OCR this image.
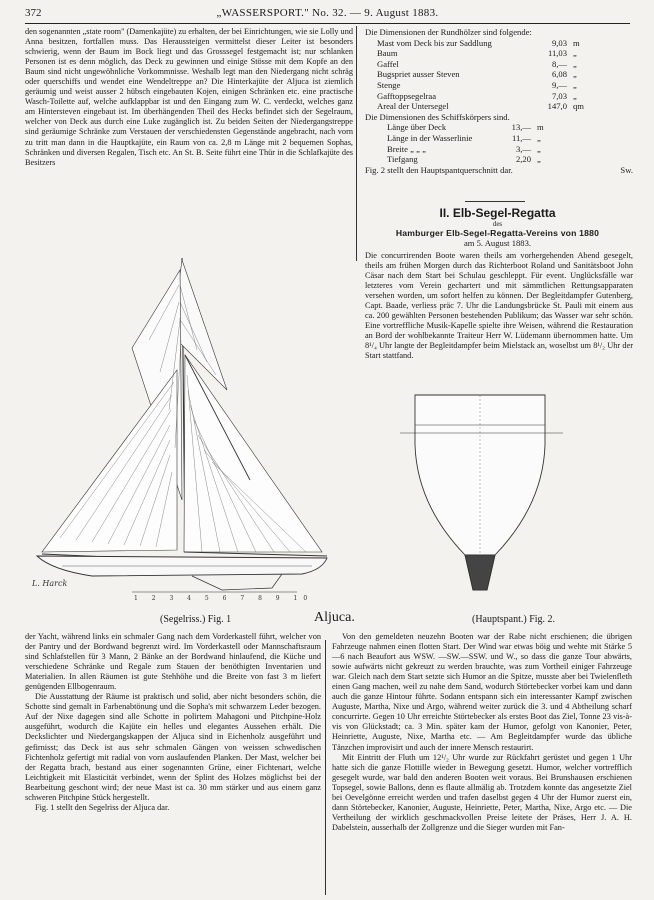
372	„WASSERSPORT." No. 32. — 9. August 1883.

den sogenannten „state room" (Damenkajüte) zu erhalten, der bei Einrichtungen, wie sie Lolly und Anna besitzen, fortfallen muss. Das Heraussteigen vermittelst dieser Leiter ist besonders schwierig, wenn der Baum im Bock liegt und das Grosssegel festgemacht ist; nur schlanken Personen ist es denn möglich, das Deck zu gewinnen und einige Stösse mit dem Kopfe an den Baum sind nicht ungewöhnliche Vorkommnisse. Weshalb legt man den Niedergang nicht schräg oder querschiffs und wendet eine Wendeltreppe an? Die Hinterkajüte der Aljuca ist ziemlich geräumig und weist ausser 2 hübsch eingebauten Kojen, einigen Schränken etc. eine practische Wasch-Toilette auf, welche aufklappbar ist und den Eingang zum W. C. verdeckt, welches ganz am Hintersteven eingebaut ist. Im überhängenden Theil des Hecks befindet sich der Segelraum, welcher von Deck aus durch eine Luke zugänglich ist. Zu beiden Seiten der Niedergangstreppe sind geräumige Schränke zum Verstauen der verschiedensten Gegenstände angebracht, nach vorn zu tritt man dann in die Hauptkajüte, ein Raum von ca. 2,8 m Länge mit 2 bequemen Sophas, Schränken und diversen Regalen, Tisch etc. An St. B. Seite führt eine Thür in die Schlafkajüte des Besitzers

Die Dimensionen der Rundhölzer sind folgende:
Mast vom Deck bis zur Saddlung	9,03 m
Baum	11,03 „
Gaffel	8,— „
Bugspriet ausser Steven	6,08 „
Stenge	9,— „
Gafftoppsegelraa	7,03 „
Areal der Untersegel	147,0 qm
Die Dimensionen des Schiffskörpers sind.
Länge über Deck	13,— m
Länge in der Wasserlinie	11,— „
Breite „ „ „	3,— „
Tiefgang	2,20 „
Fig. 2 stellt den Hauptspantquerschnitt dar.	Sw.
II. Elb-Segel-Regatta
des
Hamburger Elb-Segel-Regatta-Vereins von 1880
am 5. August 1883.

Die concurrirenden Boote waren theils am vorhergehenden Abend gesegelt, theils am frühen Morgen durch das Richterboot Roland und Sanitätsboot John Cäsar nach dem Start bei Schulau geschleppt. Für event. Unglücksfälle war letzteres vom Verein gechartert und mit sämmtlichen Rettungsapparaten versehen worden, um sofort helfen zu können. Der Begleitdampfer Gutenberg, Capt. Baade, verliess präc 7. Uhr die Landungsbrücke St. Pauli mit einem aus ca. 200 gewählten Personen bestehenden Publikum; das Wasser war sehr schön. Eine vortreffliche Musik-Kapelle spielte ihre Weisen, während die Restauration an Bord der wohlbekannte Traiteur Herr W. Lüdemann übernommen hatte. Um 8¹/₄ Uhr langte der Begleitdampfer beim Mielstack an, woselbst um 8¹/₂ Uhr der Start stattfand.

L. Harck
1 2 3 4 5 6 7 8 9 10
(Segelriss.) Fig. 1	Aljuca.	(Hauptspant.) Fig. 2.

der Yacht, während links ein schmaler Gang nach dem Vorderkastell führt, welcher von der Pantry und der Bordwand begrenzt wird. Im Vorderkastell oder Mannschaftsraum sind Schlafstellen für 3 Mann, 2 Bänke an der Bordwand hinlaufend, die Küche und verschiedene Schränke und Regale zum Stauen der benöthigten Inventarien und Materialien. In allen Räumen ist gute Stehhöhe und die Breite von fast 3 m liefert genügenden Ellbogenraum.

Die Ausstattung der Räume ist praktisch und solid, aber nicht besonders schön, die Schotte sind gemalt in Farbenabtönung und die Sopha's mit schwarzem Leder bezogen. Auf der Nixe dagegen sind alle Schotte in polirtem Mahagoni und Pitchpine-Holz ausgeführt, wodurch die Kajüte ein helles und elegantes Aussehen erhält. Die Deckslichter und Niedergangskappen der Aljuca sind in Eichenholz ausgeführt und gefirnisst; das Deck ist aus sehr schmalen Gängen von weissen schwedischen Fichtenholz gefertigt mit radial von vorn auslaufenden Planken. Der Mast, welcher bei der Regatta brach, bestand aus einer sogenannten Grüne, einer Fichtenart, welche Leichtigkeit mit Elasticität verbindet, wenn der Splint des Holzes möglichst bei der Bearbeitung geschont wird; der neue Mast ist ca. 30 mm stärker und aus einem ganz schweren Pitchpine Stück hergestellt.

Fig. 1 stellt den Segelriss der Aljuca dar.

Von den gemeldeten neuzehn Booten war der Rabe nicht erschienen; die übrigen Fahrzeuge nahmen einen flotten Start. Der Wind war etwas böig und wehte mit Stärke 5—6 nach Beaufort aus WSW. —SW.—SSW. und W., so dass die ganze Tour abwärts, sowie aufwärts nicht gekreuzt zu werden brauchte, was zum Vortheil einiger Fahrzeuge war. Gleich nach dem Start setzte sich Humor an die Spitze, musste aber bei Twielenfleth einen Gang machen, weil zu nahe dem Sand, wodurch Störtebecker vorbei kam und dann auch die ganze Hintour führte. Sodann entspann sich ein interessanter Kampf zwischen Auguste, Martha, Nixe und Argo, während weiter zurück die 3. und 4 Abtheilung scharf concurrirte. Gegen 10 Uhr erreichte Störtebecker als erstes Boot das Ziel, Tonne 23 vis-à-vis von Glückstadt; ca. 3 Min. später kam der Humor, gefolgt von Kanonier, Peter, Heinriette, Auguste, Nixe, Martha etc. — Am Begleitdampfer wurde das übliche Tänzchen improvisirt und auch der innere Mensch restaurirt.

Mit Eintritt der Fluth um 12¹/₂ Uhr wurde zur Rückfahrt gerüstet und gegen 1 Uhr hatte sich die ganze Flottille wieder in Bewegung gesetzt. Humor, welcher vortrefflich gesegelt wurde, war bald den anderen Booten weit voraus. Bei Brunshausen erschienen Topsegel, sowie Ballons, denn es flaute allmälig ab. Trotzdem konnte das angesetzte Ziel bei Oevelgönne erreicht werden und trafen daselbst gegen 4 Uhr der Humor zuerst ein, dann Störtebecker, Kanonier, Auguste, Heinriette, Peter, Martha, Nixe, Argo etc. — Die Vertheilung der wirklich geschmackvollen Preise leitete der Präses, Herr J. A. H. Dabelstein, ausserhalb der Zollgrenze und die Sieger wurden mit Fan-
